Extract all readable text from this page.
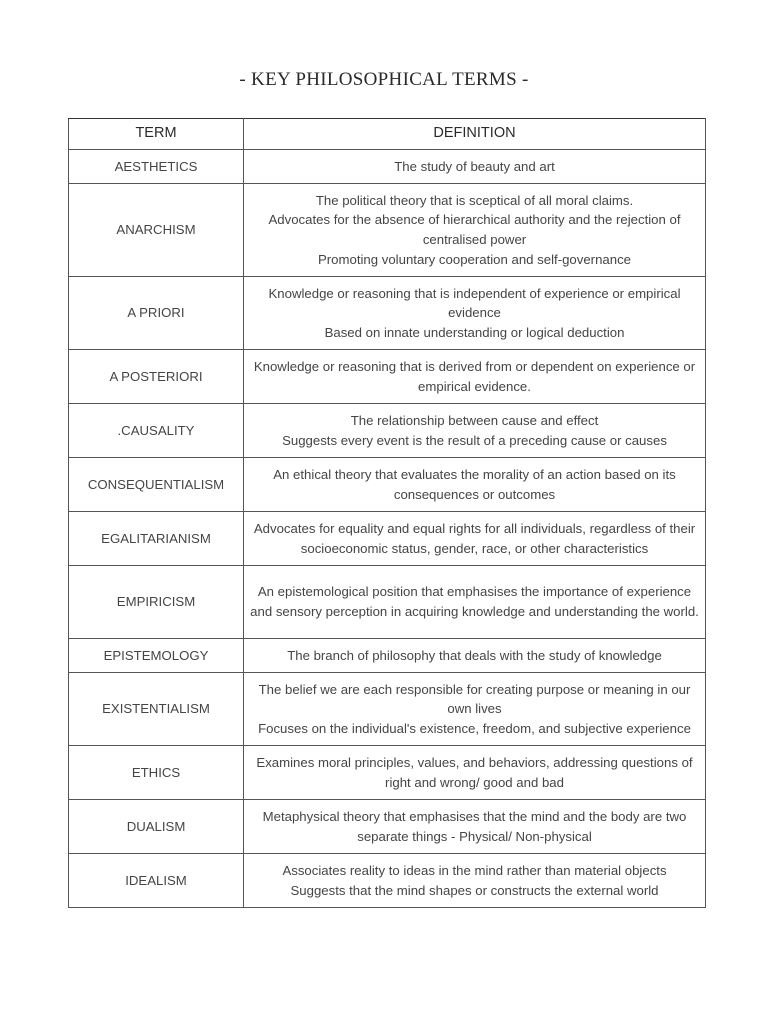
- KEY PHILOSOPHICAL TERMS -
TERM	DEFINITION
AESTHETICS	The study of beauty and art
ANARCHISM	The political theory that is sceptical of all moral claims.
Advocates for the absence of hierarchical authority and the rejection of centralised power
Promoting voluntary cooperation and self-governance
A PRIORI	Knowledge or reasoning that is independent of experience or empirical evidence
Based on innate understanding or logical deduction
A POSTERIORI	Knowledge or reasoning that is derived from or dependent on experience or empirical evidence.
.CAUSALITY	The relationship between cause and effect
Suggests every event is the result of a preceding cause or causes
CONSEQUENTIALISM	An ethical theory that evaluates the morality of an action based on its consequences or outcomes
EGALITARIANISM	Advocates for equality and equal rights for all individuals, regardless of their socioeconomic status, gender, race, or other characteristics
EMPIRICISM	An epistemological position that emphasises the importance of experience and sensory perception in acquiring knowledge and understanding the world.
EPISTEMOLOGY	The branch of philosophy that deals with the study of knowledge
EXISTENTIALISM	The belief we are each responsible for creating purpose or meaning in our own lives
Focuses on the individual's existence, freedom, and subjective experience
ETHICS	Examines moral principles, values, and behaviors, addressing questions of right and wrong/ good and bad
DUALISM	Metaphysical theory that emphasises that the mind and the body are two separate things - Physical/ Non-physical
IDEALISM	Associates reality to ideas in the mind rather than material objects
Suggests that the mind shapes or constructs the external world
